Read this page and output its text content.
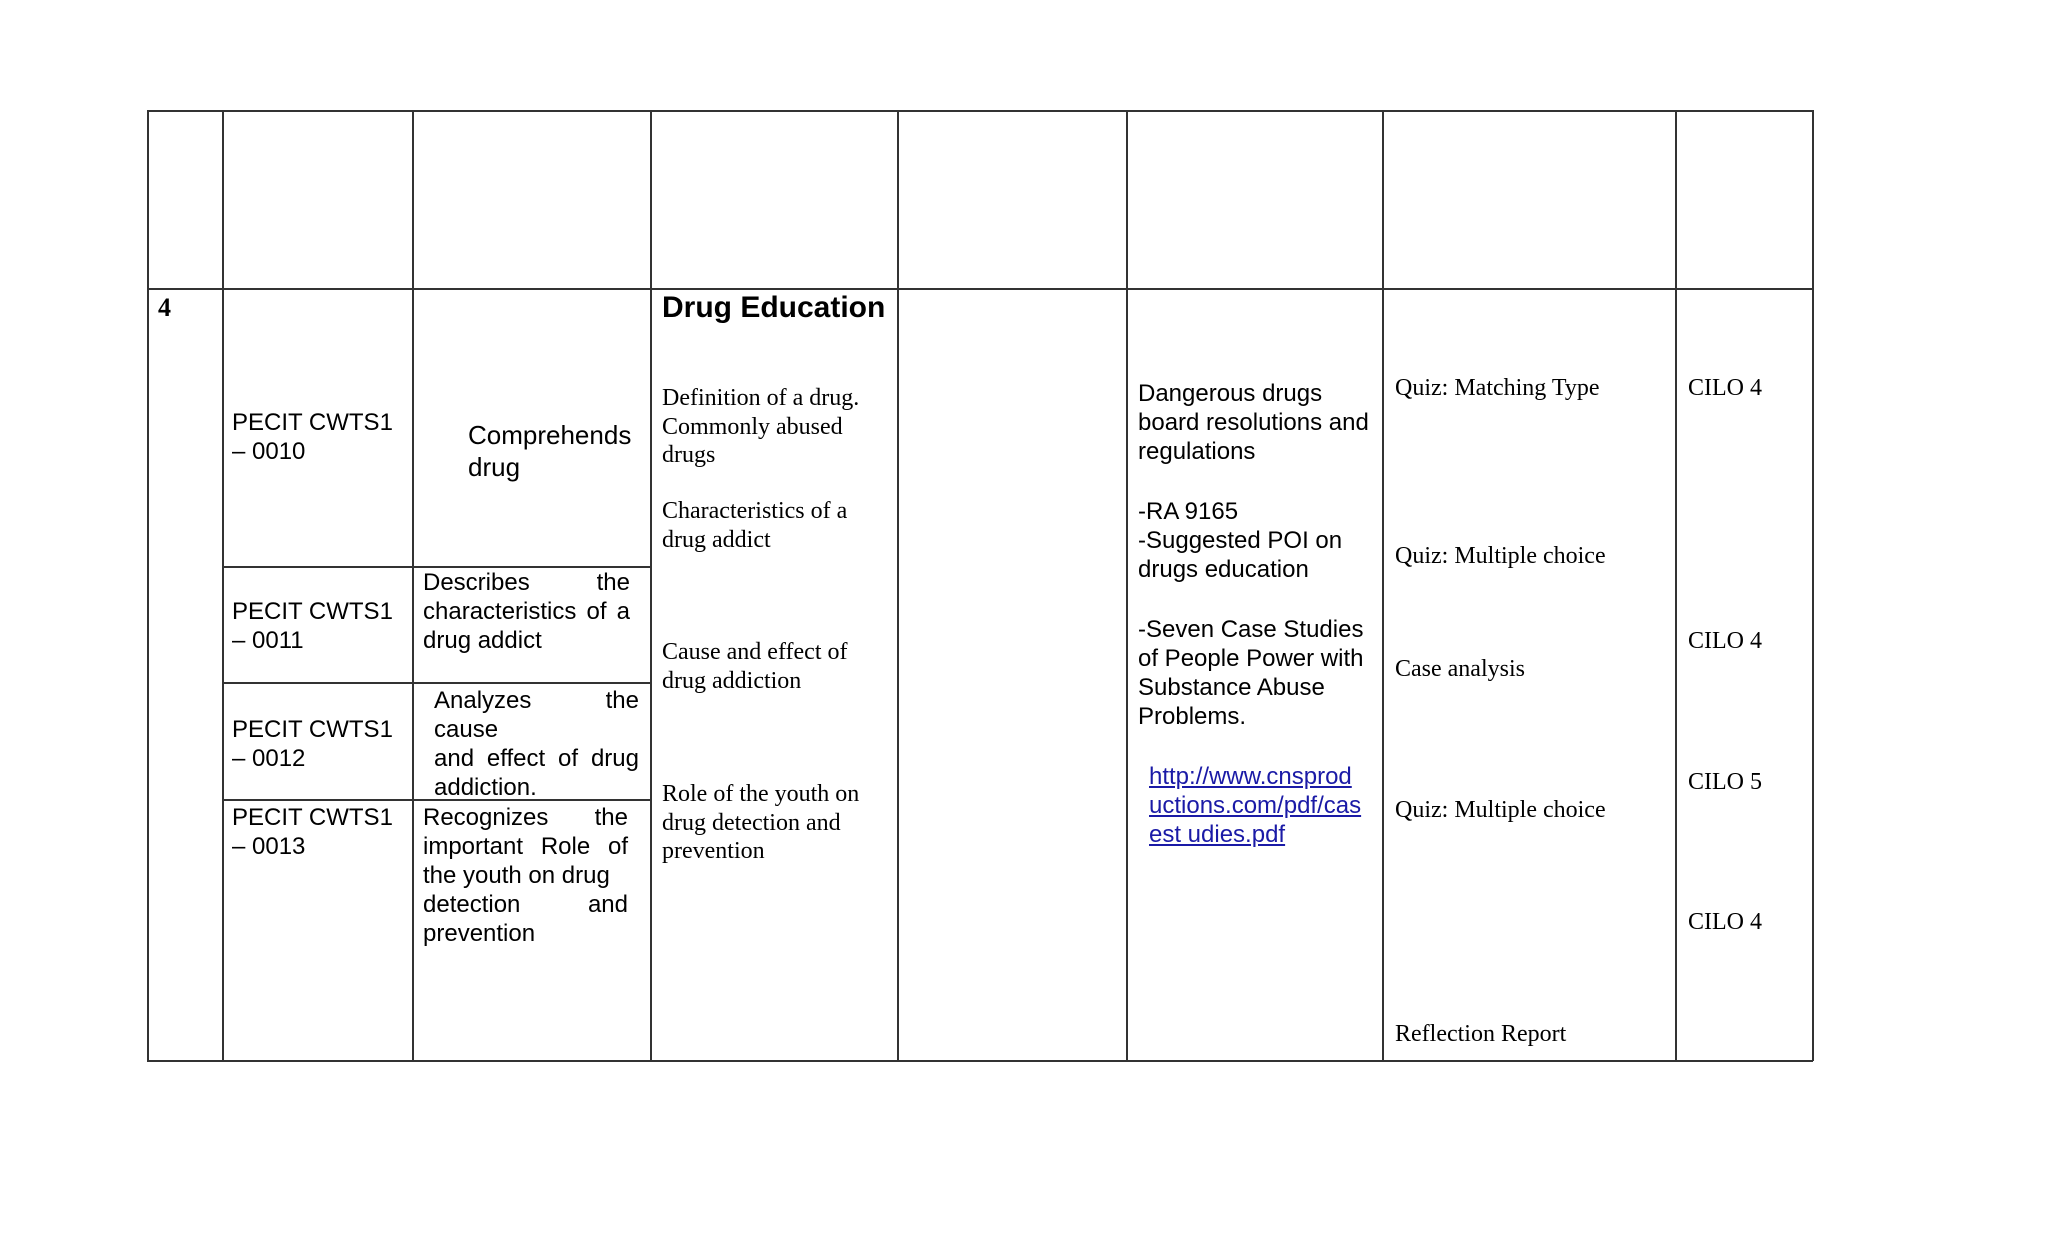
4
PECIT CWTS1
– 0010
PECIT CWTS1
– 0011
PECIT CWTS1
– 0012
PECIT CWTS1
– 0013
Comprehends
drug
Describes the
characteristics of a
drug addict
Analyzes the cause
and effect of drug
addiction.
Recognizes the
important Role of
the youth on drug
detection and
prevention
Drug Education
Definition of a drug.
Commonly abused
drugs
Characteristics of a
drug addict
Cause and effect of
drug addiction
Role of the youth on
drug detection and
prevention
Dangerous drugs
board resolutions and
regulations
-RA 9165
-Suggested POI on
drugs education
-Seven Case Studies
of People Power with
Substance Abuse
Problems.
http://www.cnsprod
uctions.com/pdf/cas
est udies.pdf
Quiz: Matching Type
Quiz: Multiple choice
Case analysis
Quiz: Multiple choice
Reflection Report
CILO 4
CILO 4
CILO 5
CILO 4
